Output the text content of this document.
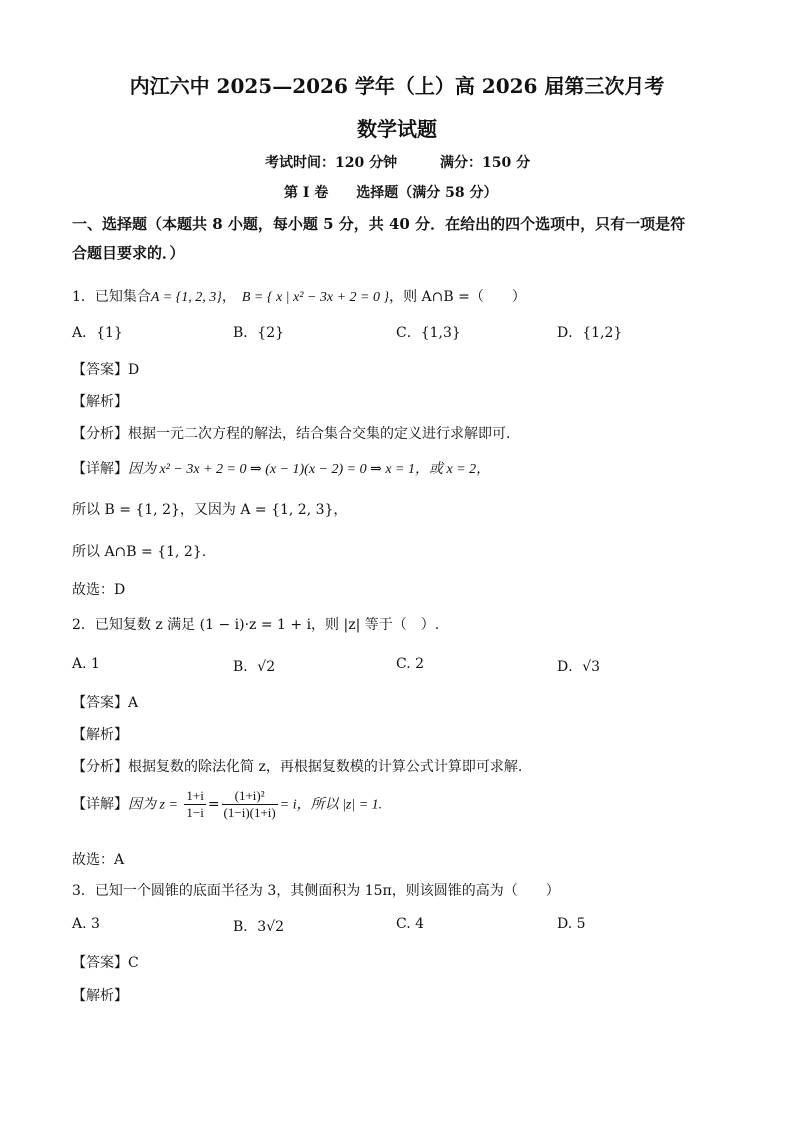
内江六中 2025—2026 学年（上）高 2026 届第三次月考
数学试题
考试时间：120 分钟	满分：150 分
第 I 卷　　选择题（满分 58 分）
一、选择题（本题共 8 小题，每小题 5 分，共 40 分．在给出的四个选项中，只有一项是符
合题目要求的．）
1．已知集合A = {1, 2, 3}， B = { x | x² − 3x + 2 = 0 }，则 A∩B =（　　）
A．{1}	B．{2}	C．{1,3}	D．{1,2}
【答案】D
【解析】
【分析】根据一元二次方程的解法，结合集合交集的定义进行求解即可.
【详解】因为 x² − 3x + 2 = 0 ⇒ (x − 1)(x − 2) = 0 ⇒ x = 1，或 x = 2，
所以 B = {1, 2}，又因为 A = {1, 2, 3}，
所以 A∩B = {1, 2}.
故选：D
2．已知复数 z 满足 (1 − i)·z = 1 + i，则 |z| 等于（　）.
A. 1	B．√2	C. 2	D．√3
【答案】A
【解析】
【分析】根据复数的除法化简 z，再根据复数模的计算公式计算即可求解.
【详解】因为 $z = \frac{1+i}{1-i} = \frac{\text{(1+i)²}}{(1-i)(1+i)} = i$，所以 |z| = 1.
故选：A
3．已知一个圆锥的底面半径为 3，其侧面积为 15π，则该圆锥的高为（　　）
A. 3	B．3√2	C. 4	D. 5
【答案】C
【解析】
